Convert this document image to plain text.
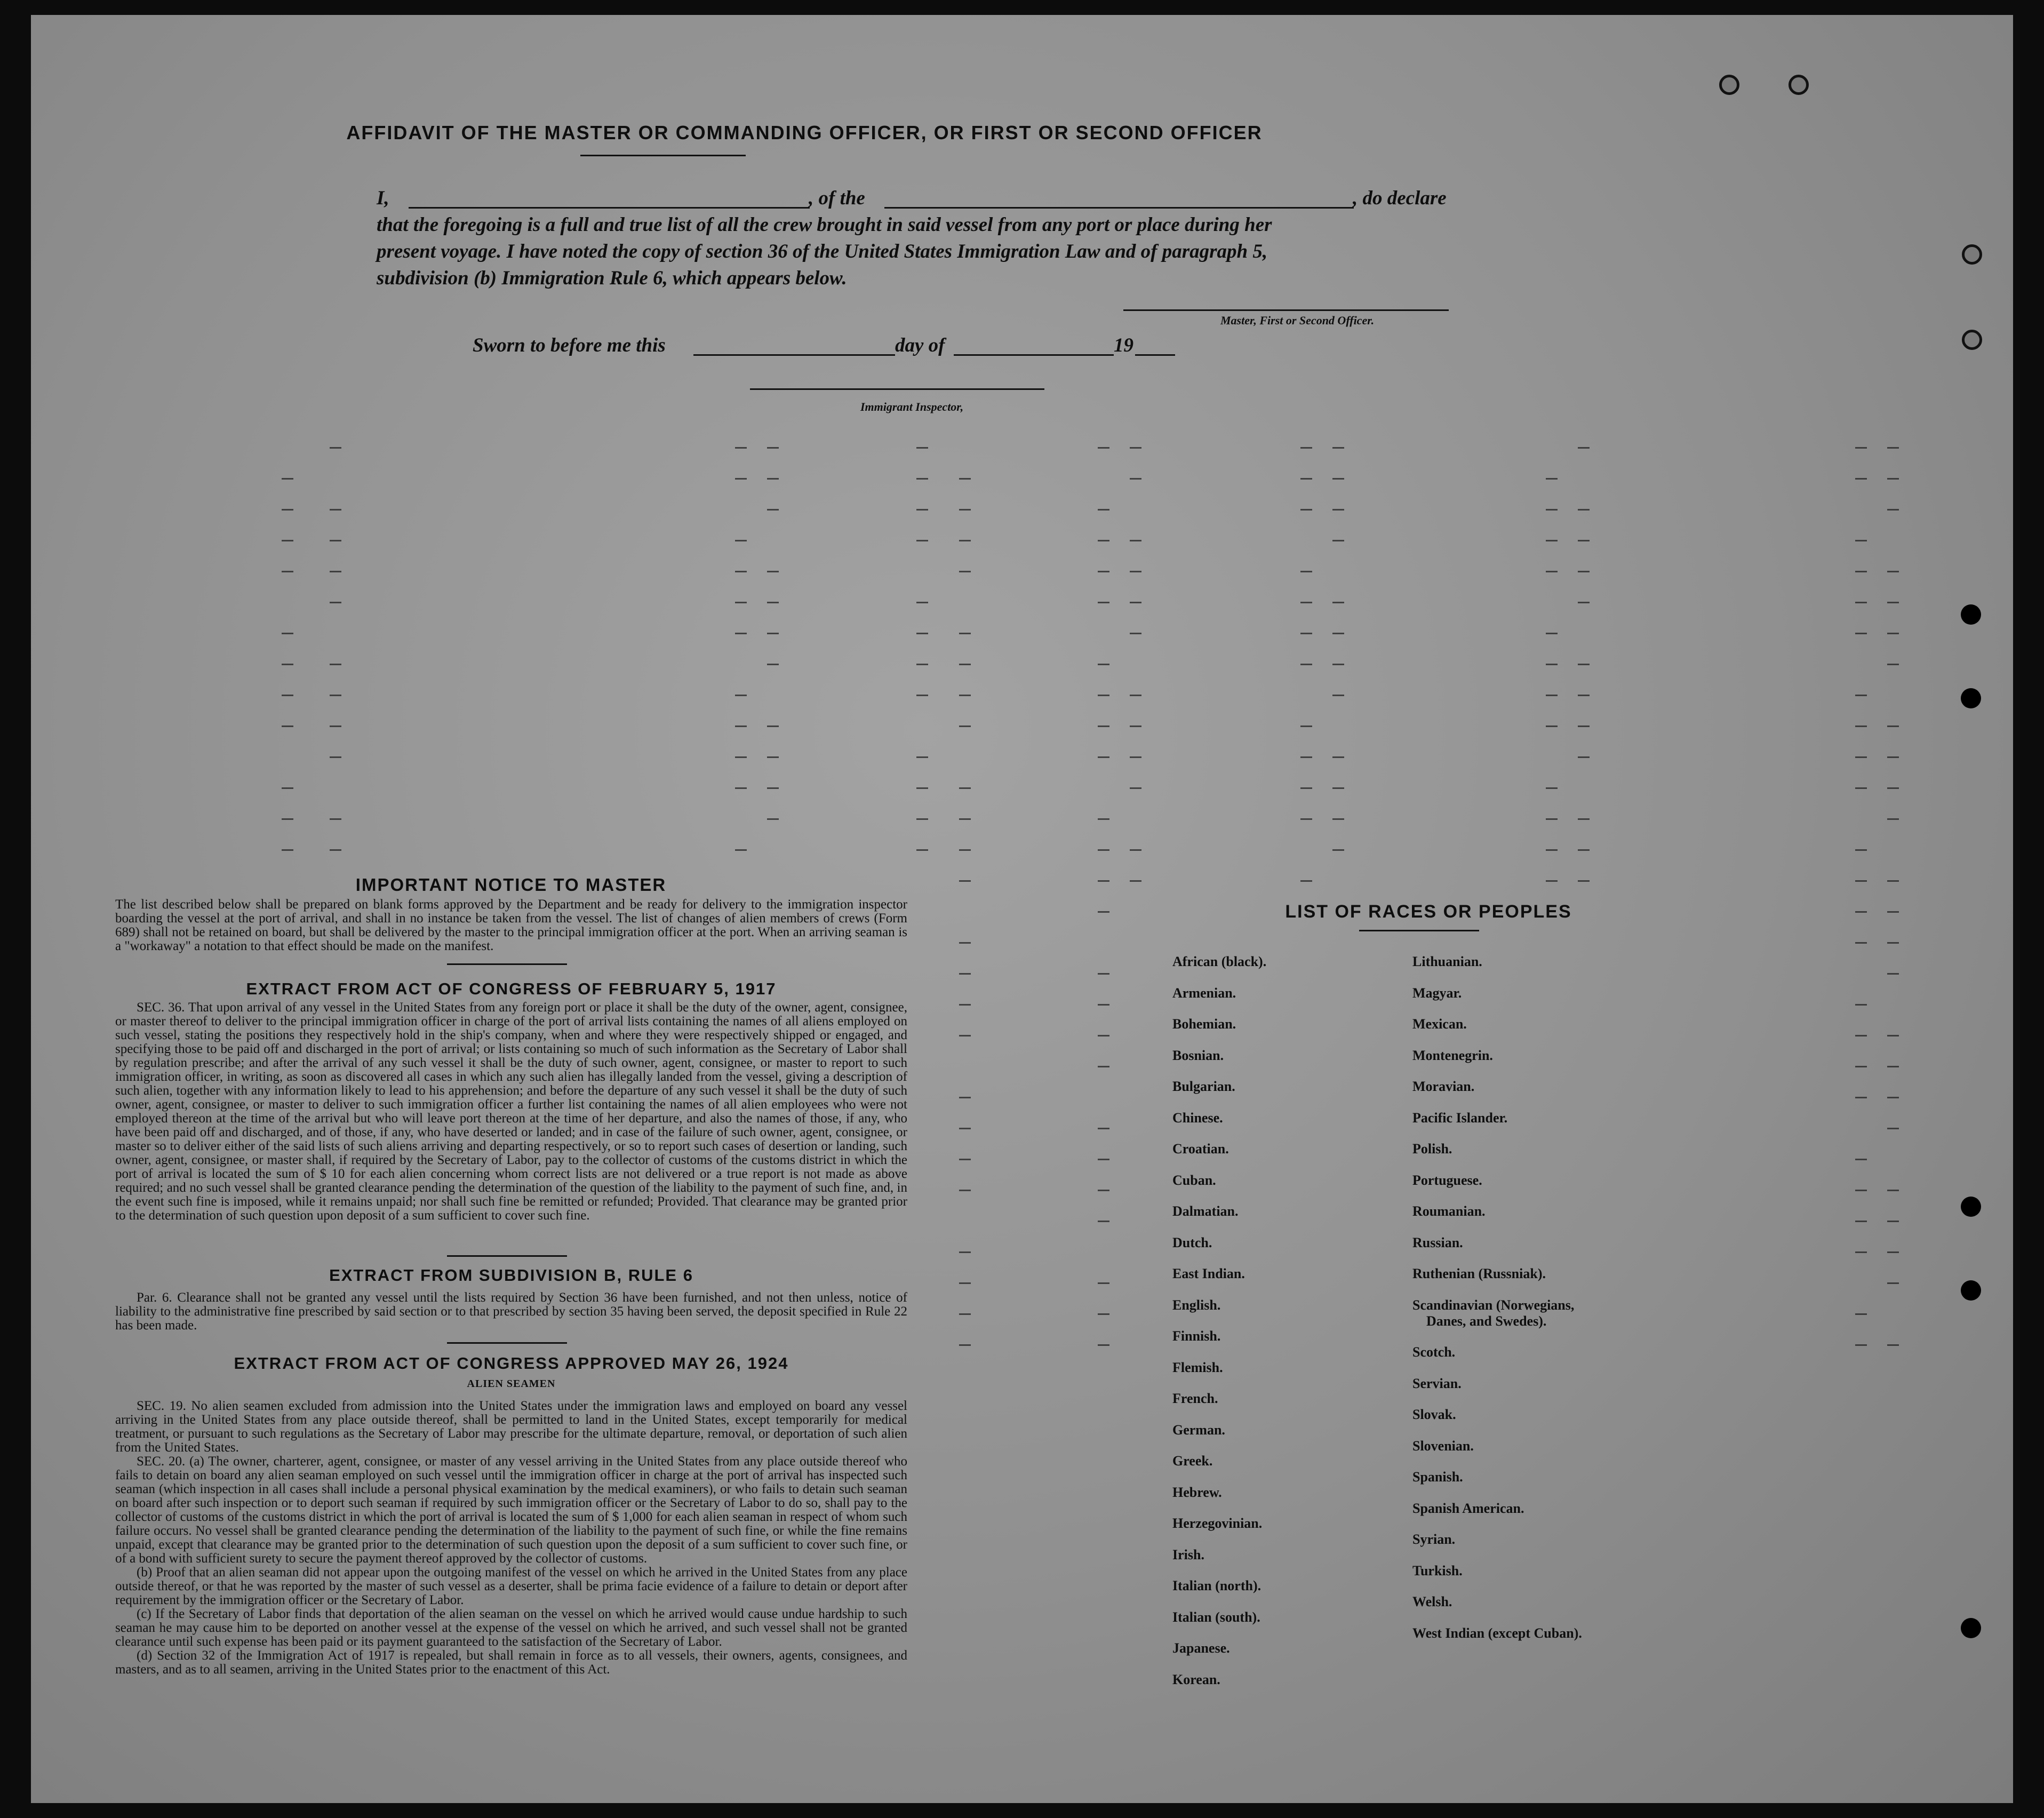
AFFIDAVIT OF THE MASTER OR COMMANDING OFFICER, OR FIRST OR SECOND OFFICER
I,	, of the	, do declare
that the foregoing is a full and true list of all the crew brought in said vessel from any port or place during her
present voyage. I have noted the copy of section 36 of the United States Immigration Law and of paragraph 5,
subdivision (b) Immigration Rule 6, which appears below.
Master, First or Second Officer.
Sworn to before me this	day of	19
Immigrant Inspector,
IMPORTANT NOTICE TO MASTER
The list described below shall be prepared on blank forms approved by the Department and be ready for delivery to the immigration inspector boarding the vessel at the port of arrival, and shall in no instance be taken from the vessel. The list of changes of alien members of crews (Form 689) shall not be retained on board, but shall be delivered by the master to the principal immigration officer at the port. When an arriving seaman is a "workaway" a notation to that effect should be made on the manifest.
EXTRACT FROM ACT OF CONGRESS OF FEBRUARY 5, 1917
SEC. 36. That upon arrival of any vessel in the United States from any foreign port or place it shall be the duty of the owner, agent, consignee, or master thereof to deliver to the principal immigration officer in charge of the port of arrival lists containing the names of all aliens employed on such vessel, stating the positions they respectively hold in the ship's company, when and where they were respectively shipped or engaged, and specifying those to be paid off and discharged in the port of arrival; or lists containing so much of such information as the Secretary of Labor shall by regulation prescribe; and after the arrival of any such vessel it shall be the duty of such owner, agent, consignee, or master to report to such immigration officer, in writing, as soon as discovered all cases in which any such alien has illegally landed from the vessel, giving a description of such alien, together with any information likely to lead to his apprehension; and before the departure of any such vessel it shall be the duty of such owner, agent, consignee, or master to deliver to such immigration officer a further list containing the names of all alien employees who were not employed thereon at the time of the arrival but who will leave port thereon at the time of her departure, and also the names of those, if any, who have been paid off and discharged, and of those, if any, who have deserted or landed; and in case of the failure of such owner, agent, consignee, or master so to deliver either of the said lists of such aliens arriving and departing respectively, or so to report such cases of desertion or landing, such owner, agent, consignee, or master shall, if required by the Secretary of Labor, pay to the collector of customs of the customs district in which the port of arrival is located the sum of $ 10 for each alien concerning whom correct lists are not delivered or a true report is not made as above required; and no such vessel shall be granted clearance pending the determination of the question of the liability to the payment of such fine, and, in the event such fine is imposed, while it remains unpaid; nor shall such fine be remitted or refunded; Provided. That clearance may be granted prior to the determination of such question upon deposit of a sum sufficient to cover such fine.
EXTRACT FROM SUBDIVISION B, RULE 6
Par. 6. Clearance shall not be granted any vessel until the lists required by Section 36 have been furnished, and not then unless, notice of liability to the administrative fine prescribed by said section or to that prescribed by section 35 having been served, the deposit specified in Rule 22 has been made.
EXTRACT FROM ACT OF CONGRESS APPROVED MAY 26, 1924
ALIEN SEAMEN

SEC. 19. No alien seamen excluded from admission into the United States under the immigration laws and employed on board any vessel arriving in the United States from any place outside thereof, shall be permitted to land in the United States, except temporarily for medical treatment, or pursuant to such regulations as the Secretary of Labor may prescribe for the ultimate departure, removal, or deportation of such alien from the United States.

SEC. 20. (a) The owner, charterer, agent, consignee, or master of any vessel arriving in the United States from any place outside thereof who fails to detain on board any alien seaman employed on such vessel until the immigration officer in charge at the port of arrival has inspected such seaman (which inspection in all cases shall include a personal physical examination by the medical examiners), or who fails to detain such seaman on board after such inspection or to deport such seaman if required by such immigration officer or the Secretary of Labor to do so, shall pay to the collector of customs of the customs district in which the port of arrival is located the sum of $ 1,000 for each alien seaman in respect of whom such failure occurs. No vessel shall be granted clearance pending the determination of the liability to the payment of such fine, or while the fine remains unpaid, except that clearance may be granted prior to the determination of such question upon the deposit of a sum sufficient to cover such fine, or of a bond with sufficient surety to secure the payment thereof approved by the collector of customs.

(b) Proof that an alien seaman did not appear upon the outgoing manifest of the vessel on which he arrived in the United States from any place outside thereof, or that he was reported by the master of such vessel as a deserter, shall be prima facie evidence of a failure to detain or deport after requirement by the immigration officer or the Secretary of Labor.

(c) If the Secretary of Labor finds that deportation of the alien seaman on the vessel on which he arrived would cause undue hardship to such seaman he may cause him to be deported on another vessel at the expense of the vessel on which he arrived, and such vessel shall not be granted clearance until such expense has been paid or its payment guaranteed to the satisfaction of the Secretary of Labor.

(d) Section 32 of the Immigration Act of 1917 is repealed, but shall remain in force as to all vessels, their owners, agents, consignees, and masters, and as to all seamen, arriving in the United States prior to the enactment of this Act.

LIST OF RACES OR PEOPLES
African (black).
Armenian.
Bohemian.
Bosnian.
Bulgarian.
Chinese.
Croatian.
Cuban.
Dalmatian.
Dutch.
East Indian.
English.
Finnish.
Flemish.
French.
German.
Greek.
Hebrew.
Herzegovinian.
Irish.
Italian (north).
Italian (south).
Japanese.
Korean.
Lithuanian.
Magyar.
Mexican.
Montenegrin.
Moravian.
Pacific Islander.
Polish.
Portuguese.
Roumanian.
Russian.
Ruthenian (Russniak).
Scandinavian (Norwegians,
Danes, and Swedes).
Scotch.
Servian.
Slovak.
Slovenian.
Spanish.
Spanish American.
Syrian.
Turkish.
Welsh.
West Indian (except Cuban).
